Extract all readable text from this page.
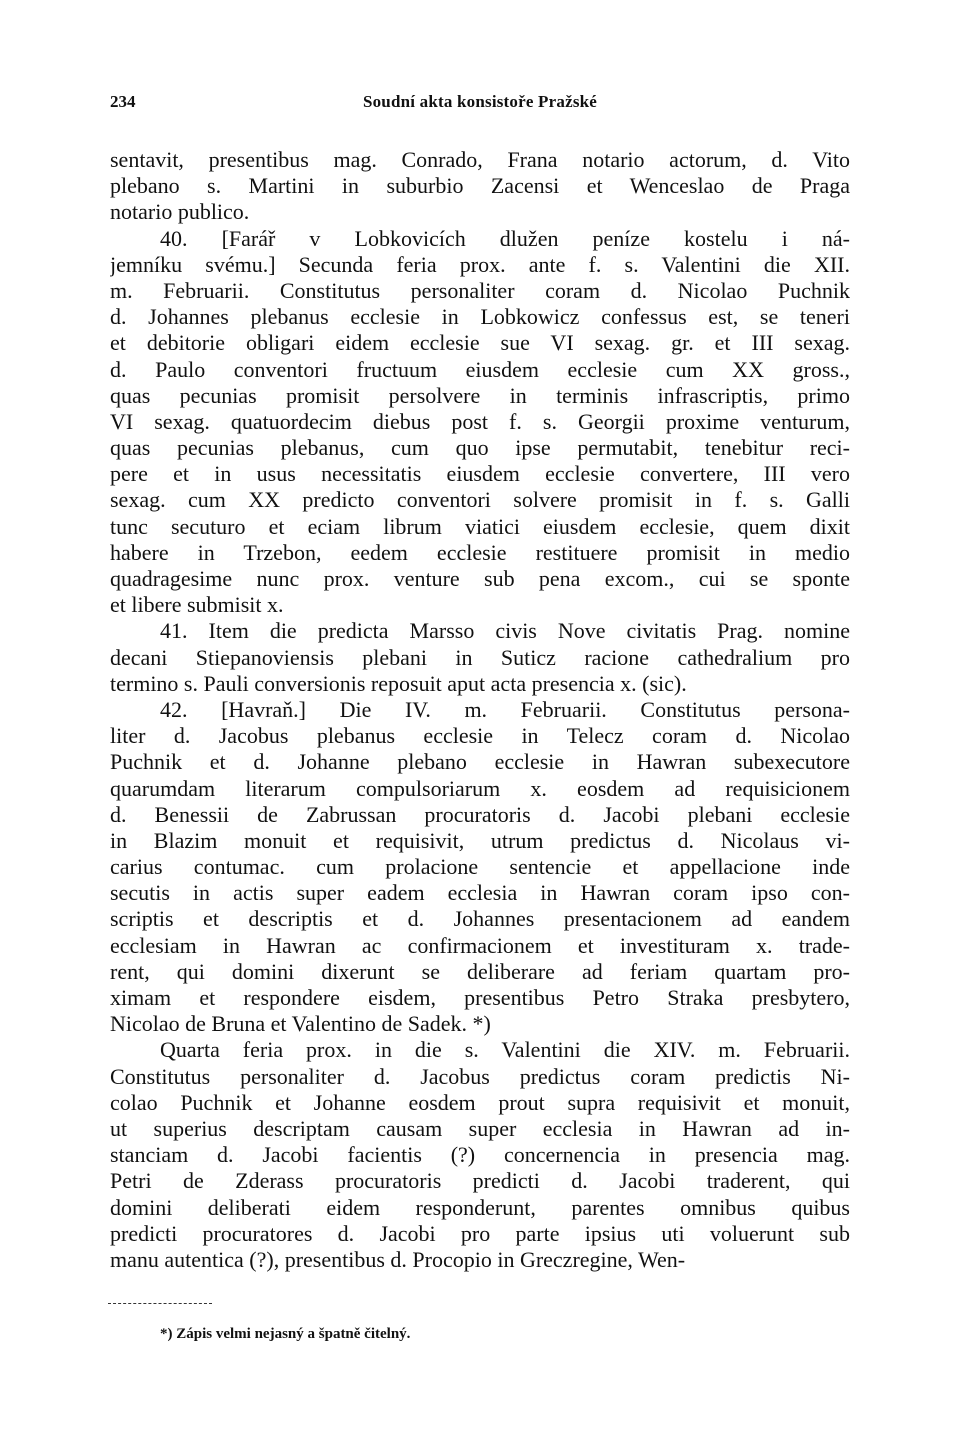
234	Soudní akta konsistoře Pražské
sentavit, presentibus mag. Conrado, Frana notario actorum, d. Vito
plebano s. Martini in suburbio Zacensi et Wenceslao de Praga
notario publico.
40. [Farář v Lobkovicích dlužen peníze kostelu i ná-
jemníku svému.] Secunda feria prox. ante f. s. Valentini die XII.
m. Februarii. Constitutus personaliter coram d. Nicolao Puchnik
d. Johannes plebanus ecclesie in Lobkowicz confessus est, se teneri
et debitorie obligari eidem ecclesie sue VI sexag. gr. et III sexag.
d. Paulo conventori fructuum eiusdem ecclesie cum XX gross.,
quas pecunias promisit persolvere in terminis infrascriptis, primo
VI sexag. quatuordecim diebus post f. s. Georgii proxime venturum,
quas pecunias plebanus, cum quo ipse permutabit, tenebitur reci-
pere et in usus necessitatis eiusdem ecclesie convertere, III vero
sexag. cum XX predicto conventori solvere promisit in f. s. Galli
tunc secuturo et eciam librum viatici eiusdem ecclesie, quem dixit
habere in Trzebon, eedem ecclesie restituere promisit in medio
quadragesime nunc prox. venture sub pena excom., cui se sponte
et libere submisit x.
41. Item die predicta Marsso civis Nove civitatis Prag. nomine
decani Stiepanoviensis plebani in Suticz racione cathedralium pro
termino s. Pauli conversionis reposuit aput acta presencia x. (sic).
42. [Havraň.] Die IV. m. Februarii. Constitutus persona-
liter d. Jacobus plebanus ecclesie in Telecz coram d. Nicolao
Puchnik et d. Johanne plebano ecclesie in Hawran subexecutore
quarumdam literarum compulsoriarum x. eosdem ad requisicionem
d. Benessii de Zabrussan procuratoris d. Jacobi plebani ecclesie
in Blazim monuit et requisivit, utrum predictus d. Nicolaus vi-
carius contumac. cum prolacione sentencie et appellacione inde
secutis in actis super eadem ecclesia in Hawran coram ipso con-
scriptis et descriptis et d. Johannes presentacionem ad eandem
ecclesiam in Hawran ac confirmacionem et investituram x. trade-
rent, qui domini dixerunt se deliberare ad feriam quartam pro-
ximam et respondere eisdem, presentibus Petro Straka presbytero,
Nicolao de Bruna et Valentino de Sadek. *)
Quarta feria prox. in die s. Valentini die XIV. m. Februarii.
Constitutus personaliter d. Jacobus predictus coram predictis Ni-
colao Puchnik et Johanne eosdem prout supra requisivit et monuit,
ut superius descriptam causam super ecclesia in Hawran ad in-
stanciam d. Jacobi facientis (?) concernencia in presencia mag.
Petri de Zderass procuratoris predicti d. Jacobi traderent, qui
domini deliberati eidem responderunt, parentes omnibus quibus
predicti procuratores d. Jacobi pro parte ipsius uti voluerunt sub
manu autentica (?), presentibus d. Procopio in Greczregine, Wen-
*) Zápis velmi nejasný a špatně čitelný.
